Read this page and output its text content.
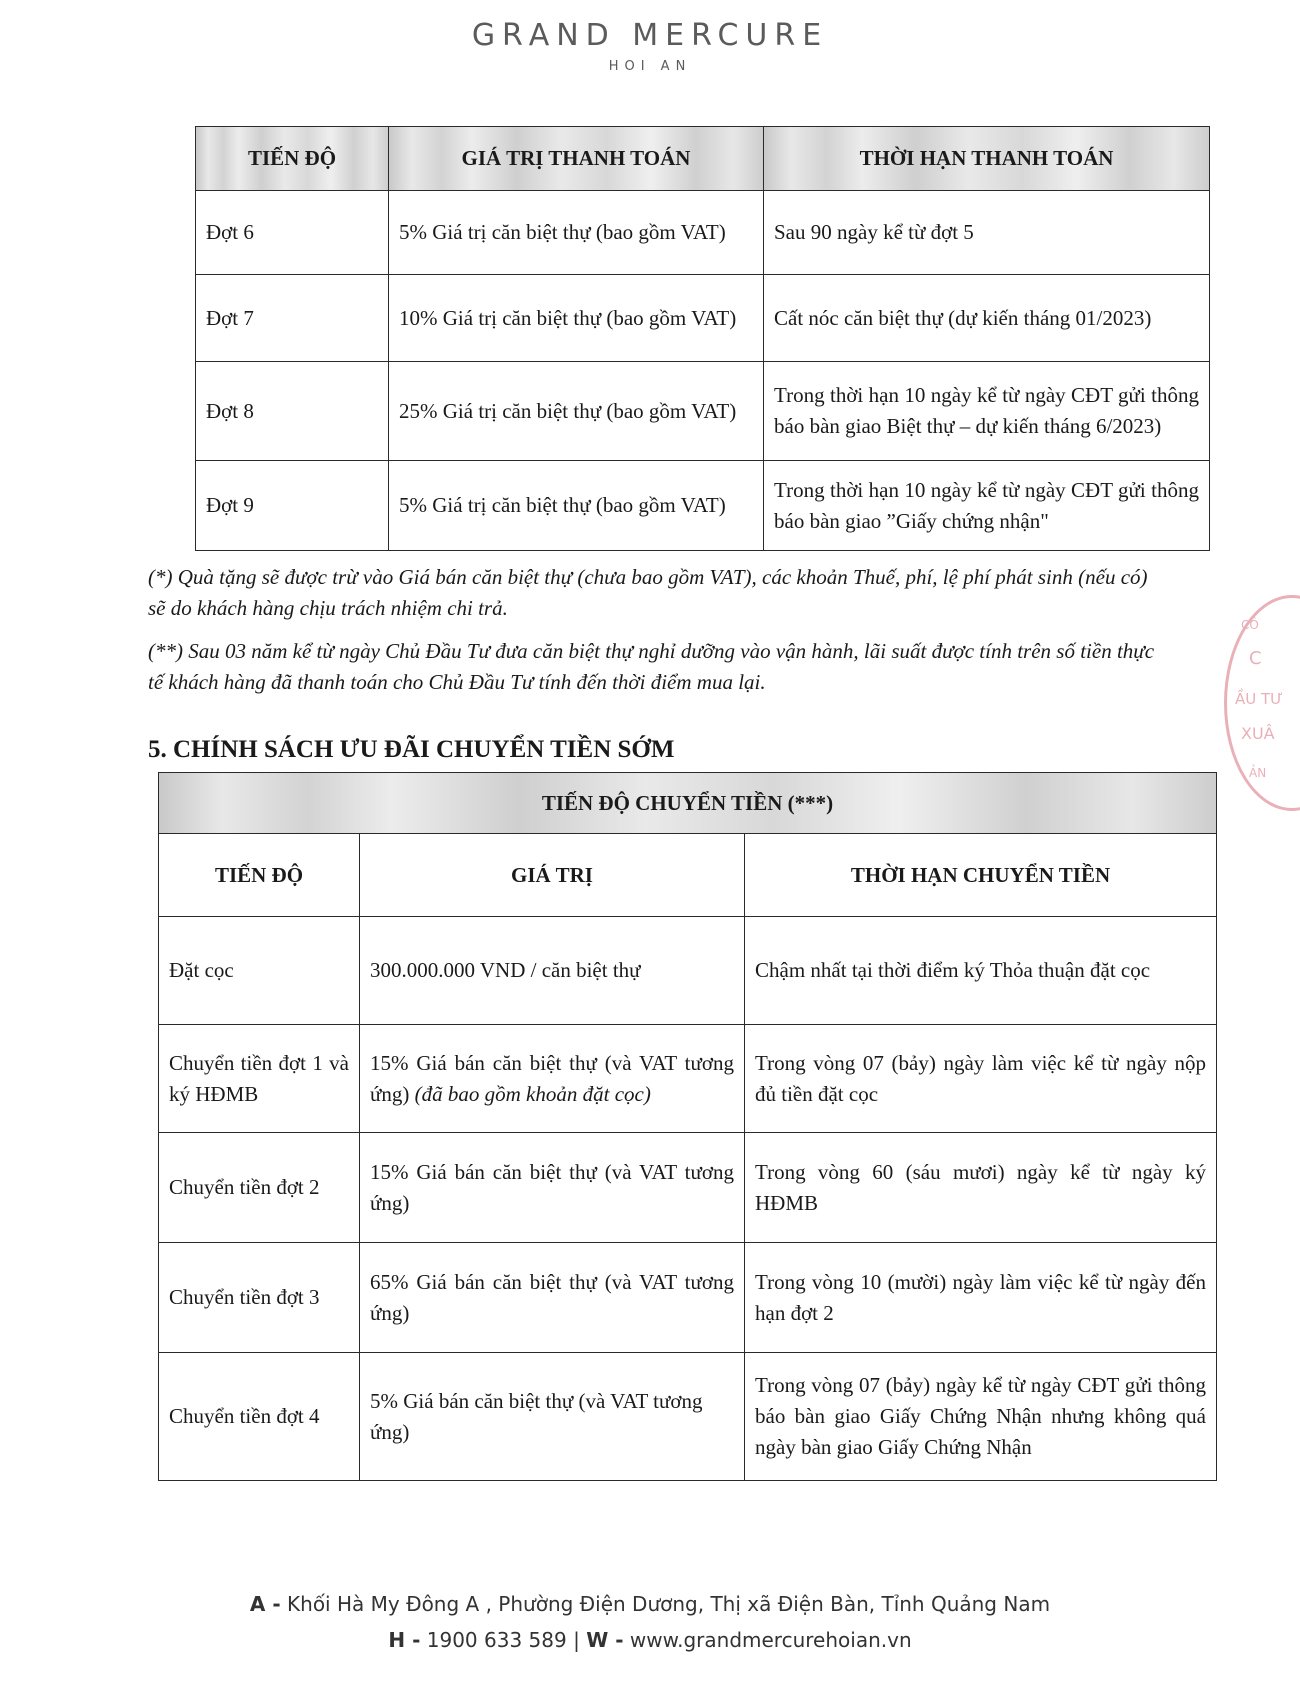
GRAND MERCURE
HOI AN
TIẾN ĐỘ	GIÁ TRỊ THANH TOÁN	THỜI HẠN THANH TOÁN
Đợt 6	5% Giá trị căn biệt thự (bao gồm VAT)	Sau 90 ngày kể từ đợt 5
Đợt 7	10% Giá trị căn biệt thự (bao gồm VAT)	Cất nóc căn biệt thự (dự kiến tháng 01/2023)
Đợt 8	25% Giá trị căn biệt thự (bao gồm VAT)	Trong thời hạn 10 ngày kể từ ngày CĐT gửi thông báo bàn giao Biệt thự – dự kiến tháng 6/2023)
Đợt 9	5% Giá trị căn biệt thự (bao gồm VAT)	Trong thời hạn 10 ngày kể từ ngày CĐT gửi thông báo bàn giao ”Giấy chứng nhận"
(*) Quà tặng sẽ được trừ vào Giá bán căn biệt thự (chưa bao gồm VAT), các khoản Thuế, phí, lệ phí phát sinh (nếu có) sẽ do khách hàng chịu trách nhiệm chi trả.
(**) Sau 03 năm kể từ ngày Chủ Đầu Tư đưa căn biệt thự nghỉ dưỡng vào vận hành, lãi suất được tính trên số tiền thực tế khách hàng đã thanh toán cho Chủ Đầu Tư tính đến thời điểm mua lại.
5. CHÍNH SÁCH ƯU ĐÃI CHUYỂN TIỀN SỚM
TIẾN ĐỘ CHUYỂN TIỀN (***)		
TIẾN ĐỘ	GIÁ TRỊ	THỜI HẠN CHUYỂN TIỀN
Đặt cọc	300.000.000 VND / căn biệt thự	Chậm nhất tại thời điểm ký Thỏa thuận đặt cọc
Chuyển tiền đợt 1 và ký HĐMB	15% Giá bán căn biệt thự (và VAT tương ứng) (đã bao gồm khoản đặt cọc)	Trong vòng 07 (bảy) ngày làm việc kể từ ngày nộp đủ tiền đặt cọc
Chuyển tiền đợt 2	15% Giá bán căn biệt thự (và VAT tương ứng)	Trong vòng 60 (sáu mươi) ngày kể từ ngày ký HĐMB
Chuyển tiền đợt 3	65% Giá bán căn biệt thự (và VAT tương ứng)	Trong vòng 10 (mười) ngày làm việc kể từ ngày đến hạn đợt 2
Chuyển tiền đợt 4	5% Giá bán căn biệt thự (và VAT tương ứng)	Trong vòng 07 (bảy) ngày kể từ ngày CĐT gửi thông báo bàn giao Giấy Chứng Nhận nhưng không quá ngày bàn giao Giấy Chứng Nhận
CÔ
C
ẦU TƯ
XUÂ
ẢN
A - Khối Hà My Đông A , Phường Điện Dương, Thị xã Điện Bàn, Tỉnh Quảng Nam
H - 1900 633 589 | W - www.grandmercurehoian.vn
